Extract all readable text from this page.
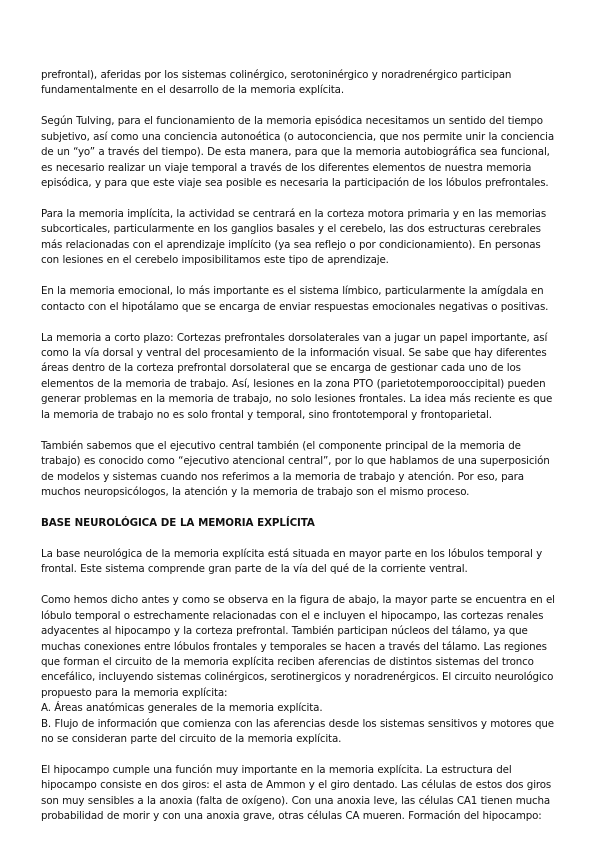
prefrontal), aferidas por los sistemas colinérgico, serotoninérgico y noradrenérgico participan fundamentalmente en el desarrollo de la memoria explícita.

Según Tulving, para el funcionamiento de la memoria episódica necesitamos un sentido del tiempo subjetivo, así como una conciencia autonoética (o autoconciencia, que nos permite unir la conciencia de un “yo” a través del tiempo). De esta manera, para que la memoria autobiográfica sea funcional, es necesario realizar un viaje temporal a través de los diferentes elementos de nuestra memoria episódica, y para que este viaje sea posible es necesaria la participación de los lóbulos prefrontales.

Para la memoria implícita, la actividad se centrará en la corteza motora primaria y en las memorias subcorticales, particularmente en los ganglios basales y el cerebelo, las dos estructuras cerebrales más relacionadas con el aprendizaje implícito (ya sea reflejo o por condicionamiento). En personas con lesiones en el cerebelo imposibilitamos este tipo de aprendizaje.

En la memoria emocional, lo más importante es el sistema límbico, particularmente la amígdala en contacto con el hipotálamo que se encarga de enviar respuestas emocionales negativas o positivas.

La memoria a corto plazo: Cortezas prefrontales dorsolaterales van a jugar un papel importante, así como la vía dorsal y ventral del procesamiento de la información visual. Se sabe que hay diferentes áreas dentro de la corteza prefrontal dorsolateral que se encarga de gestionar cada uno de los elementos de la memoria de trabajo. Así, lesiones en la zona PTO (parietotemporooccipital) pueden generar problemas en la memoria de trabajo, no solo lesiones frontales. La idea más reciente es que la memoria de trabajo no es solo frontal y temporal, sino frontotemporal y frontoparietal.

También sabemos que el ejecutivo central también (el componente principal de la memoria de trabajo) es conocido como “ejecutivo atencional central”, por lo que hablamos de una superposición de modelos y sistemas cuando nos referimos a la memoria de trabajo y atención. Por eso, para muchos neuropsicólogos, la atención y la memoria de trabajo son el mismo proceso.

BASE NEUROLÓGICA DE LA MEMORIA EXPLÍCITA

La base neurológica de la memoria explícita está situada en mayor parte en los lóbulos temporal y frontal. Este sistema comprende gran parte de la vía del qué de la corriente ventral.

Como hemos dicho antes y como se observa en la figura de abajo, la mayor parte se encuentra en el lóbulo temporal o estrechamente relacionadas con el e incluyen el hipocampo, las cortezas renales adyacentes al hipocampo y la corteza prefrontal. También participan núcleos del tálamo, ya que muchas conexiones entre lóbulos frontales y temporales se hacen a través del tálamo. Las regiones que forman el circuito de la memoria explícita reciben aferencias de distintos sistemas del tronco encefálico, incluyendo sistemas colinérgicos, serotinergicos y noradrenérgicos. El circuito neurológico propuesto para la memoria explícita:

A. Áreas anatómicas generales de la memoria explícita.

B. Flujo de información que comienza con las aferencias desde los sistemas sensitivos y motores que no se consideran parte del circuito de la memoria explícita.

El hipocampo cumple una función muy importante en la memoria explícita. La estructura del hipocampo consiste en dos giros: el asta de Ammon y el giro dentado. Las células de estos dos giros son muy sensibles a la anoxia (falta de oxígeno). Con una anoxia leve, las células CA1 tienen mucha probabilidad de morir y con una anoxia grave, otras células CA mueren. Formación del hipocampo:
